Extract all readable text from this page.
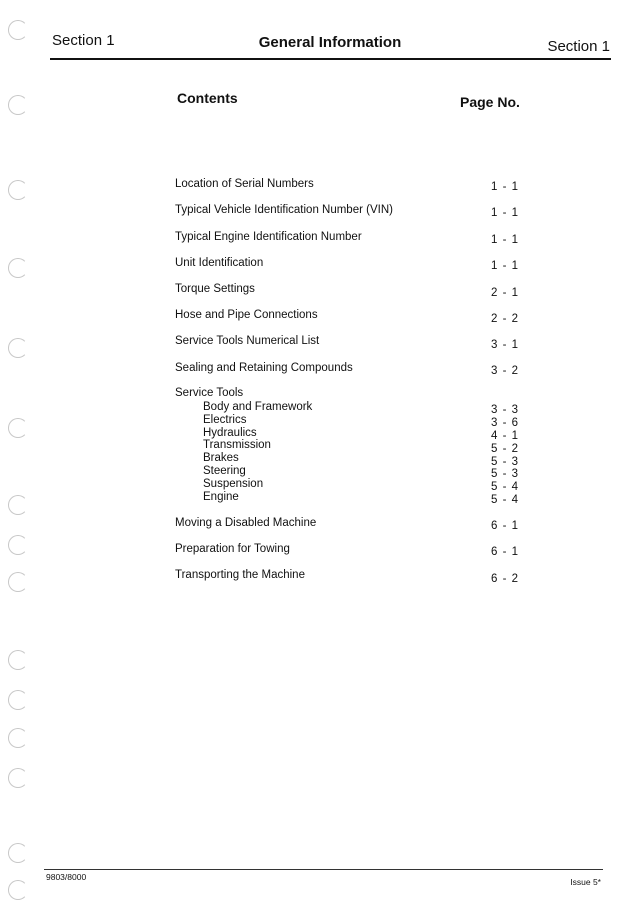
Section 1	General Information	Section 1
Contents	Page No.
Location of Serial Numbers	1 - 1
Typical Vehicle Identification Number (VIN)	1 - 1
Typical Engine Identification Number	1 - 1
Unit Identification	1 - 1
Torque Settings	2 - 1
Hose and Pipe Connections	2 - 2
Service Tools Numerical List	3 - 1
Sealing and Retaining Compounds	3 - 2
Service Tools
Body and Framework	3 - 3
Electrics	3 - 6
Hydraulics	4 - 1
Transmission	5 - 2
Brakes	5 - 3
Steering	5 - 3
Suspension	5 - 4
Engine	5 - 4
Moving a Disabled Machine	6 - 1
Preparation for Towing	6 - 1
Transporting the Machine	6 - 2
9803/8000	Issue 5*
